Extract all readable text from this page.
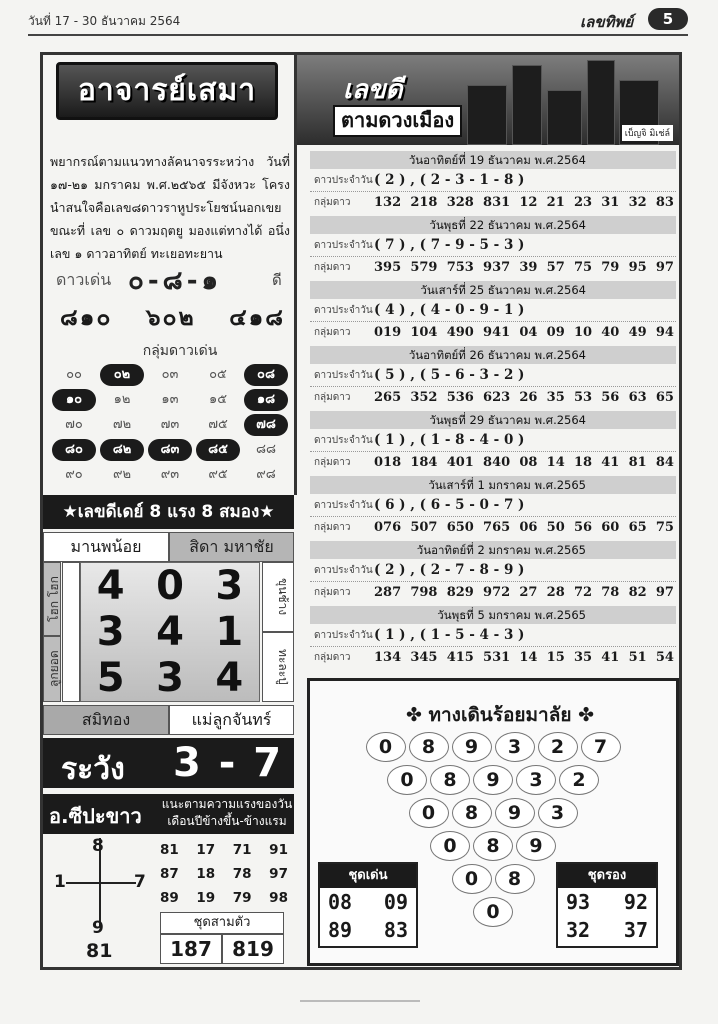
วันที่ 17 - 30 ธันวาคม 2564	เลขทิพย์	5
อาจารย์เสมา
พยากรณ์ตามแนวทางลัคนาจรระหว่าง วันที่ ๑๗-๒๑ มกราคม พ.ศ.๒๕๖๕ มีจังหวะ โครงนำสนใจคือเลข๘ดาวราหูประโยชน์นอกเขย ขณะที่ เลข ๐ ดาวมฤตยู มองแต่ทางได้ อนึ่ง เลข ๑ ดาวอาทิตย์ ทะเยอทะยาน
ดาวเด่น ๐-๘-๑	ดี
๘๑๐ ๖๐๒ ๔๑๘
กลุ่มดาวเด่น
๐๐	๐๒	๐๓	๐๕	๐๘
๑๐	๑๒	๑๓	๑๕	๑๘
๗๐	๗๒	๗๓	๗๕	๗๘
๘๐	๘๒	๘๓	๘๕	๘๘
๙๐	๙๒	๙๓	๙๕	๙๘
★เลขดีเดย์ 8 แรง 8 สมอง★
มานพน้อย	สิดา มหาชัย
โฮก โฮก
ลูกยอด
ขุนช้าง
ทะละปู่
4 0 3
3 4 1
5 3 4
สมิทอง	แม่ลูกจันทร์
ระวัง 3 - 7
อ.ซีปะขาว แนะตามความแรงของวันเดือนปีข้างขึ้น-ข้างแรม
8
1	7
9
81
81 17 71 91
87 18 78 97
89 19 79 98
ชุดสามตัว
187	819
เลขดี
ตามดวงเมือง
เบ็ญจิ มิเช่ล์
วันอาทิตย์ที่ 19 ธันวาคม พ.ศ.2564
ดาวประจำวัน ( 2 ) , ( 2 - 3 - 1 - 8 )
กลุ่มดาว	132 218 328 831 12 21 23 31 32 83
วันพุธที่ 22 ธันวาคม พ.ศ.2564
ดาวประจำวัน ( 7 ) , ( 7 - 9 - 5 - 3 )
กลุ่มดาว	395 579 753 937 39 57 75 79 95 97
วันเสาร์ที่ 25 ธันวาคม พ.ศ.2564
ดาวประจำวัน ( 4 ) , ( 4 - 0 - 9 - 1 )
กลุ่มดาว	019 104 490 941 04 09 10 40 49 94
วันอาทิตย์ที่ 26 ธันวาคม พ.ศ.2564
ดาวประจำวัน ( 5 ) , ( 5 - 6 - 3 - 2 )
กลุ่มดาว	265 352 536 623 26 35 53 56 63 65
วันพุธที่ 29 ธันวาคม พ.ศ.2564
ดาวประจำวัน ( 1 ) , ( 1 - 8 - 4 - 0 )
กลุ่มดาว	018 184 401 840 08 14 18 41 81 84
วันเสาร์ที่ 1 มกราคม พ.ศ.2565
ดาวประจำวัน ( 6 ) , ( 6 - 5 - 0 - 7 )
กลุ่มดาว	076 507 650 765 06 50 56 60 65 75
วันอาทิตย์ที่ 2 มกราคม พ.ศ.2565
ดาวประจำวัน ( 2 ) , ( 2 - 7 - 8 - 9 )
กลุ่มดาว	287 798 829 972 27 28 72 78 82 97
วันพุธที่ 5 มกราคม พ.ศ.2565
ดาวประจำวัน ( 1 ) , ( 1 - 5 - 4 - 3 )
กลุ่มดาว	134 345 415 531 14 15 35 41 51 54
✤ ทางเดินร้อยมาลัย ✤
0	8	9	3	2	7
0	8	9	3	2
0	8	9	3
0	8	9
0	8
0
ชุดเด่น
08 09
89 83
ชุดรอง
93 92
32 37
